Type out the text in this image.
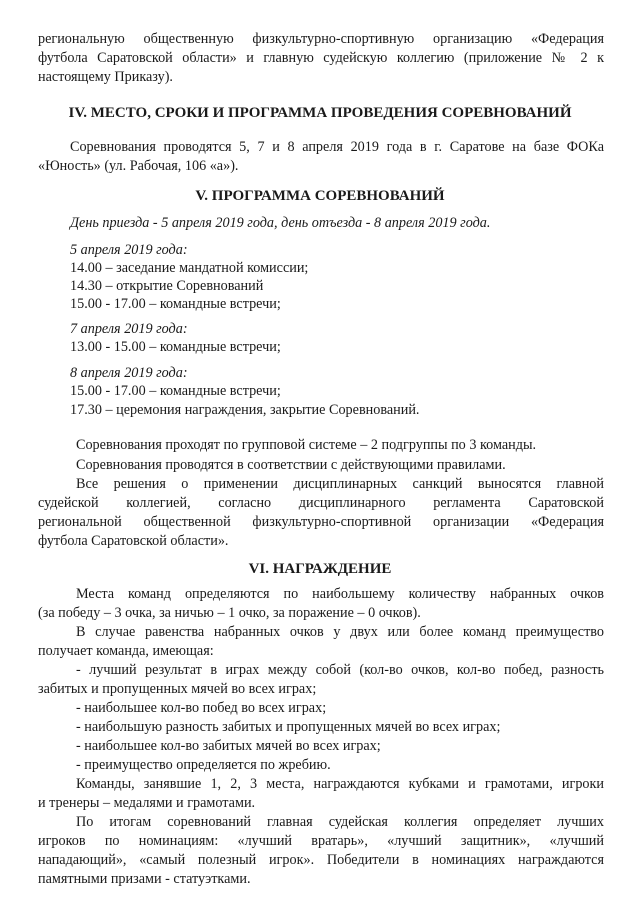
региональную общественную физкультурно-спортивную организацию «Федерация
футбола Саратовской области» и главную судейскую коллегию (приложение № 2 к
настоящему Приказу).
IV. МЕСТО, СРОКИ И ПРОГРАММА ПРОВЕДЕНИЯ СОРЕВНОВАНИЙ
Соревнования проводятся 5, 7 и 8 апреля 2019 года в г. Саратове на базе ФОКа
«Юность» (ул. Рабочая, 106 «а»).
V. ПРОГРАММА СОРЕВНОВАНИЙ
День приезда - 5 апреля 2019 года, день отъезда - 8 апреля 2019 года.
5 апреля 2019 года:
14.00 – заседание мандатной комиссии;
14.30 – открытие Соревнований
15.00 - 17.00 – командные встречи;
7 апреля 2019 года:
13.00 - 15.00 – командные встречи;
8 апреля 2019 года:
15.00 - 17.00 – командные встречи;
17.30 – церемония награждения, закрытие Соревнований.
Соревнования проходят по групповой системе – 2 подгруппы по 3 команды.
Соревнования проводятся в соответствии с действующими правилами.
Все решения о применении дисциплинарных санкций выносятся главной
судейской коллегией, согласно дисциплинарного регламента Саратовской
региональной общественной физкультурно-спортивной организации «Федерация
футбола Саратовской области».
VI. НАГРАЖДЕНИЕ
Места команд определяются по наибольшему количеству набранных очков
(за победу – 3 очка, за ничью – 1 очко, за поражение – 0 очков).
В случае равенства набранных очков у двух или более команд преимущество
получает команда, имеющая:
- лучший результат в играх между собой (кол-во очков, кол-во побед, разность
забитых и пропущенных мячей во всех играх;
- наибольшее кол-во побед во всех играх;
- наибольшую разность забитых и пропущенных мячей во всех играх;
- наибольшее кол-во забитых мячей во всех играх;
- преимущество определяется по жребию.
Команды, занявшие 1, 2, 3 места, награждаются кубками и грамотами, игроки
и тренеры – медалями и грамотами.
По итогам соревнований главная судейская коллегия определяет лучших
игроков по номинациям: «лучший вратарь», «лучший защитник», «лучший
нападающий», «самый полезный игрок». Победители в номинациях награждаются
памятными призами - статуэтками.
